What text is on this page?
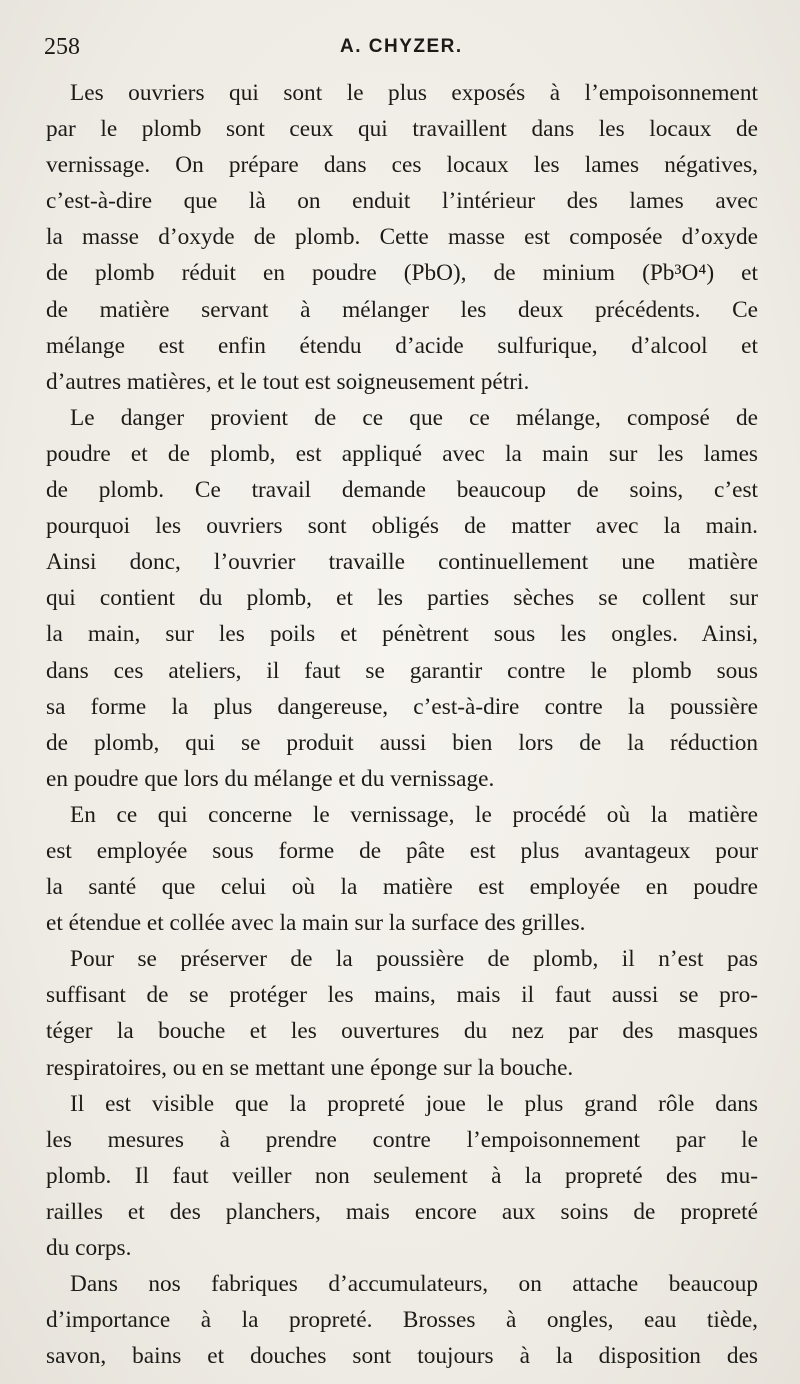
258	A. CHYZER.
Les ouvriers qui sont le plus exposés à l’empoisonnement
par le plomb sont ceux qui travaillent dans les locaux de
vernissage. On prépare dans ces locaux les lames négatives,
c’est-à-dire que là on enduit l’intérieur des lames avec
la masse d’oxyde de plomb. Cette masse est composée d’oxyde
de plomb réduit en poudre (PbO), de minium (Pb³O⁴) et
de matière servant à mélanger les deux précédents. Ce
mélange est enfin étendu d’acide sulfurique, d’alcool et
d’autres matières, et le tout est soigneusement pétri.
Le danger provient de ce que ce mélange, composé de
poudre et de plomb, est appliqué avec la main sur les lames
de plomb. Ce travail demande beaucoup de soins, c’est
pourquoi les ouvriers sont obligés de matter avec la main.
Ainsi donc, l’ouvrier travaille continuellement une matière
qui contient du plomb, et les parties sèches se collent sur
la main, sur les poils et pénètrent sous les ongles. Ainsi,
dans ces ateliers, il faut se garantir contre le plomb sous
sa forme la plus dangereuse, c’est-à-dire contre la poussière
de plomb, qui se produit aussi bien lors de la réduction
en poudre que lors du mélange et du vernissage.
En ce qui concerne le vernissage, le procédé où la matière
est employée sous forme de pâte est plus avantageux pour
la santé que celui où la matière est employée en poudre
et étendue et collée avec la main sur la surface des grilles.
Pour se préserver de la poussière de plomb, il n’est pas
suffisant de se protéger les mains, mais il faut aussi se pro-
téger la bouche et les ouvertures du nez par des masques
respiratoires, ou en se mettant une éponge sur la bouche.
Il est visible que la propreté joue le plus grand rôle dans
les mesures à prendre contre l’empoisonnement par le
plomb. Il faut veiller non seulement à la propreté des mu-
railles et des planchers, mais encore aux soins de propreté
du corps.
Dans nos fabriques d’accumulateurs, on attache beaucoup
d’importance à la propreté. Brosses à ongles, eau tiède,
savon, bains et douches sont toujours à la disposition des
